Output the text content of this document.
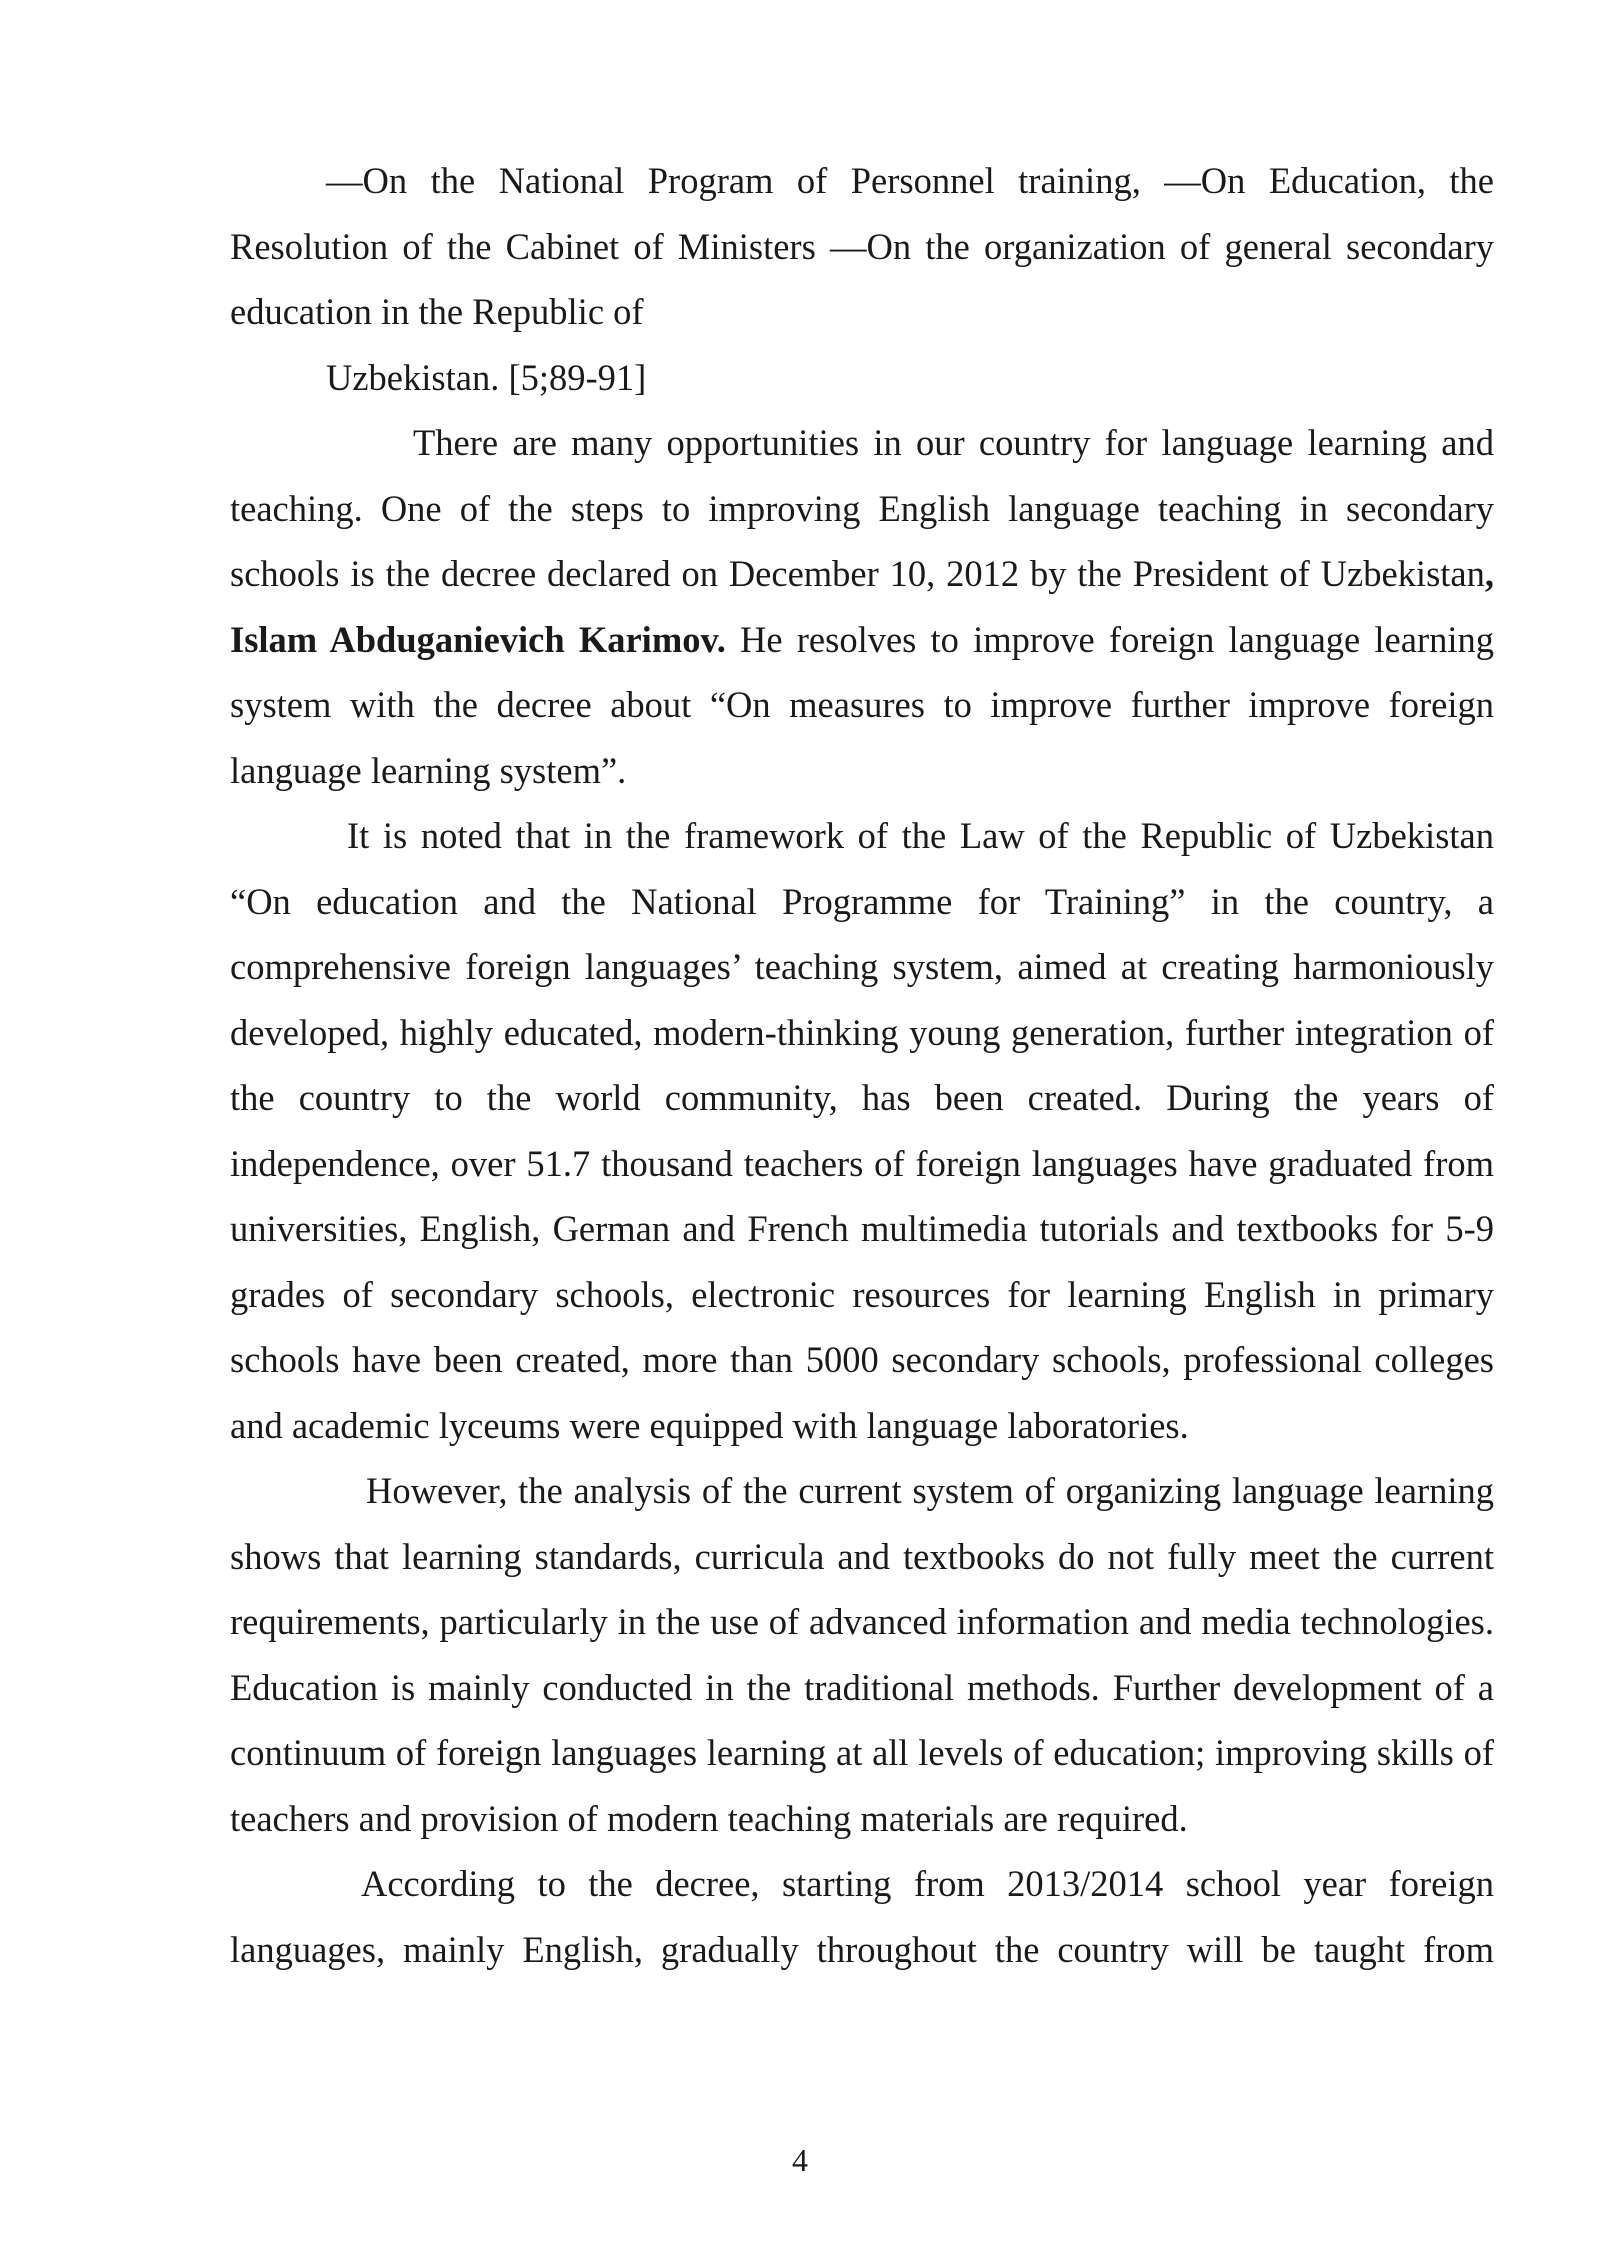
—On the National Program of Personnel training, —On Education, the Resolution of the Cabinet of Ministers —On the organization of general secondary education in the Republic of

Uzbekistan. [5;89-91]

There are many opportunities in our country for language learning and teaching. One of the steps to improving English language teaching in secondary schools is the decree declared on December 10, 2012 by the President of Uzbekistan, Islam Abduganievich Karimov. He resolves to improve foreign language learning system with the decree about “On measures to improve further improve foreign language learning system”.

It is noted that in the framework of the Law of the Republic of Uzbekistan “On education and the National Programme for Training” in the country, a comprehensive foreign languages’ teaching system, aimed at creating harmoniously developed, highly educated, modern-thinking young generation, further integration of the country to the world community, has been created. During the years of independence, over 51.7 thousand teachers of foreign languages have graduated from universities, English, German and French multimedia tutorials and textbooks for 5-9 grades of secondary schools, electronic resources for learning English in primary schools have been created, more than 5000 secondary schools, professional colleges and academic lyceums were equipped with language laboratories.

However, the analysis of the current system of organizing language learning shows that learning standards, curricula and textbooks do not fully meet the current requirements, particularly in the use of advanced information and media technologies. Education is mainly conducted in the traditional methods. Further development of a continuum of foreign languages learning at all levels of education; improving skills of teachers and provision of modern teaching materials are required.

According to the decree, starting from 2013/2014 school year foreign languages, mainly English, gradually throughout the country will be taught from

4
